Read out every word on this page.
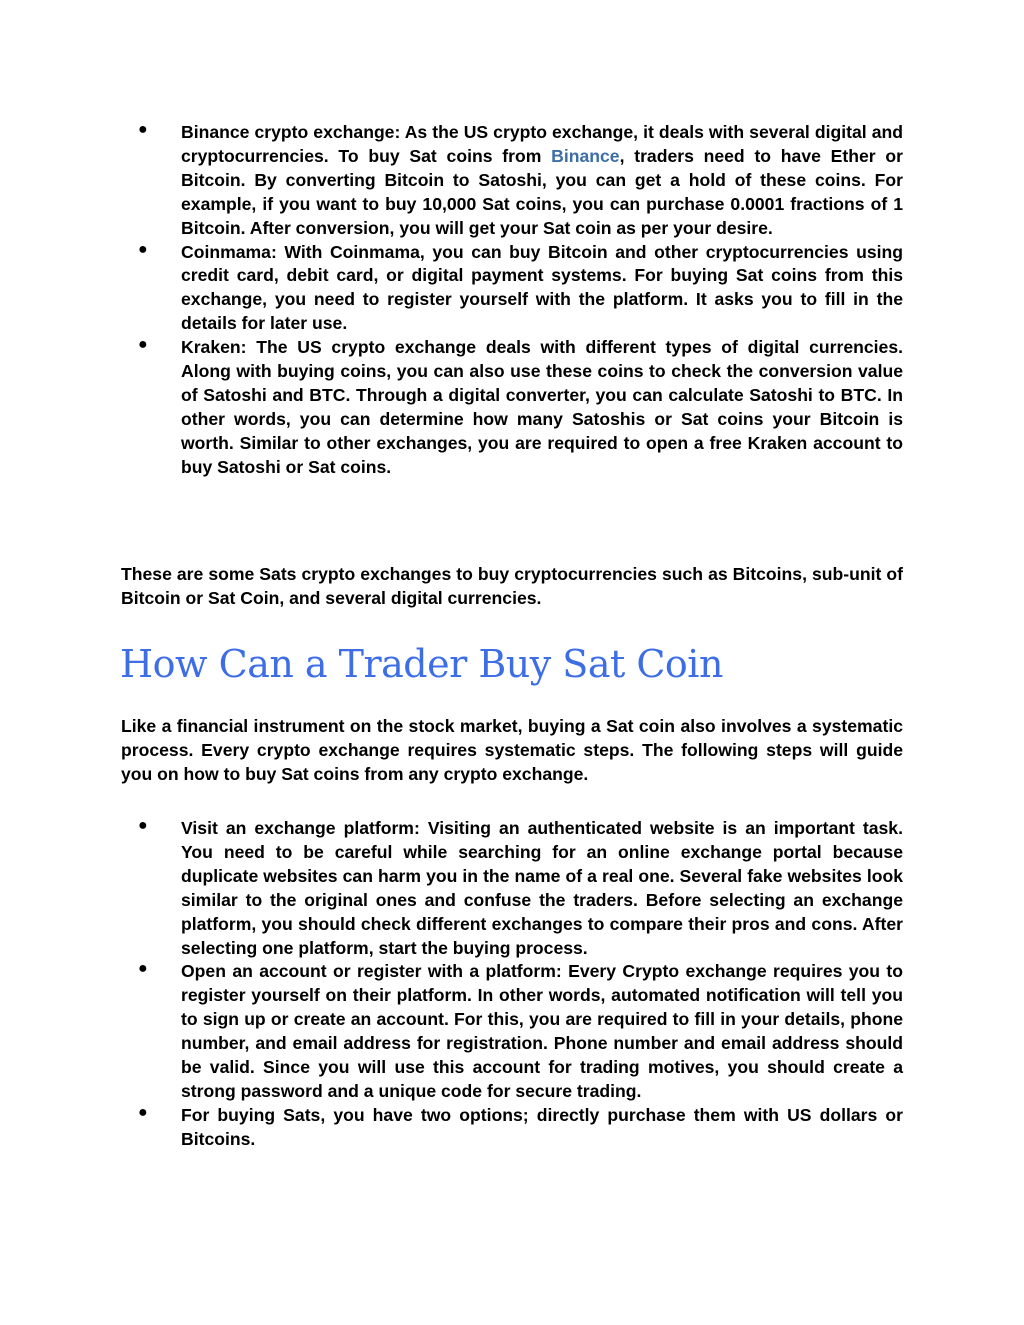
● Binance crypto exchange: As the US crypto exchange, it deals with several digital and cryptocurrencies. To buy Sat coins from Binance, traders need to have Ether or Bitcoin. By converting Bitcoin to Satoshi, you can get a hold of these coins. For example, if you want to buy 10,000 Sat coins, you can purchase 0.0001 fractions of 1 Bitcoin. After conversion, you will get your Sat coin as per your desire.

● Coinmama: With Coinmama, you can buy Bitcoin and other cryptocurrencies using credit card, debit card, or digital payment systems. For buying Sat coins from this exchange, you need to register yourself with the platform. It asks you to fill in the details for later use.

● Kraken: The US crypto exchange deals with different types of digital currencies. Along with buying coins, you can also use these coins to check the conversion value of Satoshi and BTC. Through a digital converter, you can calculate Satoshi to BTC. In other words, you can determine how many Satoshis or Sat coins your Bitcoin is worth. Similar to other exchanges, you are required to open a free Kraken account to buy Satoshi or Sat coins.

These are some Sats crypto exchanges to buy cryptocurrencies such as Bitcoins, sub-unit of Bitcoin or Sat Coin, and several digital currencies.

How Can a Trader Buy Sat Coin

Like a financial instrument on the stock market, buying a Sat coin also involves a systematic process. Every crypto exchange requires systematic steps. The following steps will guide you on how to buy Sat coins from any crypto exchange.

● Visit an exchange platform: Visiting an authenticated website is an important task. You need to be careful while searching for an online exchange portal because duplicate websites can harm you in the name of a real one. Several fake websites look similar to the original ones and confuse the traders. Before selecting an exchange platform, you should check different exchanges to compare their pros and cons. After selecting one platform, start the buying process.

● Open an account or register with a platform: Every Crypto exchange requires you to register yourself on their platform. In other words, automated notification will tell you to sign up or create an account. For this, you are required to fill in your details, phone number, and email address for registration. Phone number and email address should be valid. Since you will use this account for trading motives, you should create a strong password and a unique code for secure trading.

● For buying Sats, you have two options; directly purchase them with US dollars or Bitcoins.
